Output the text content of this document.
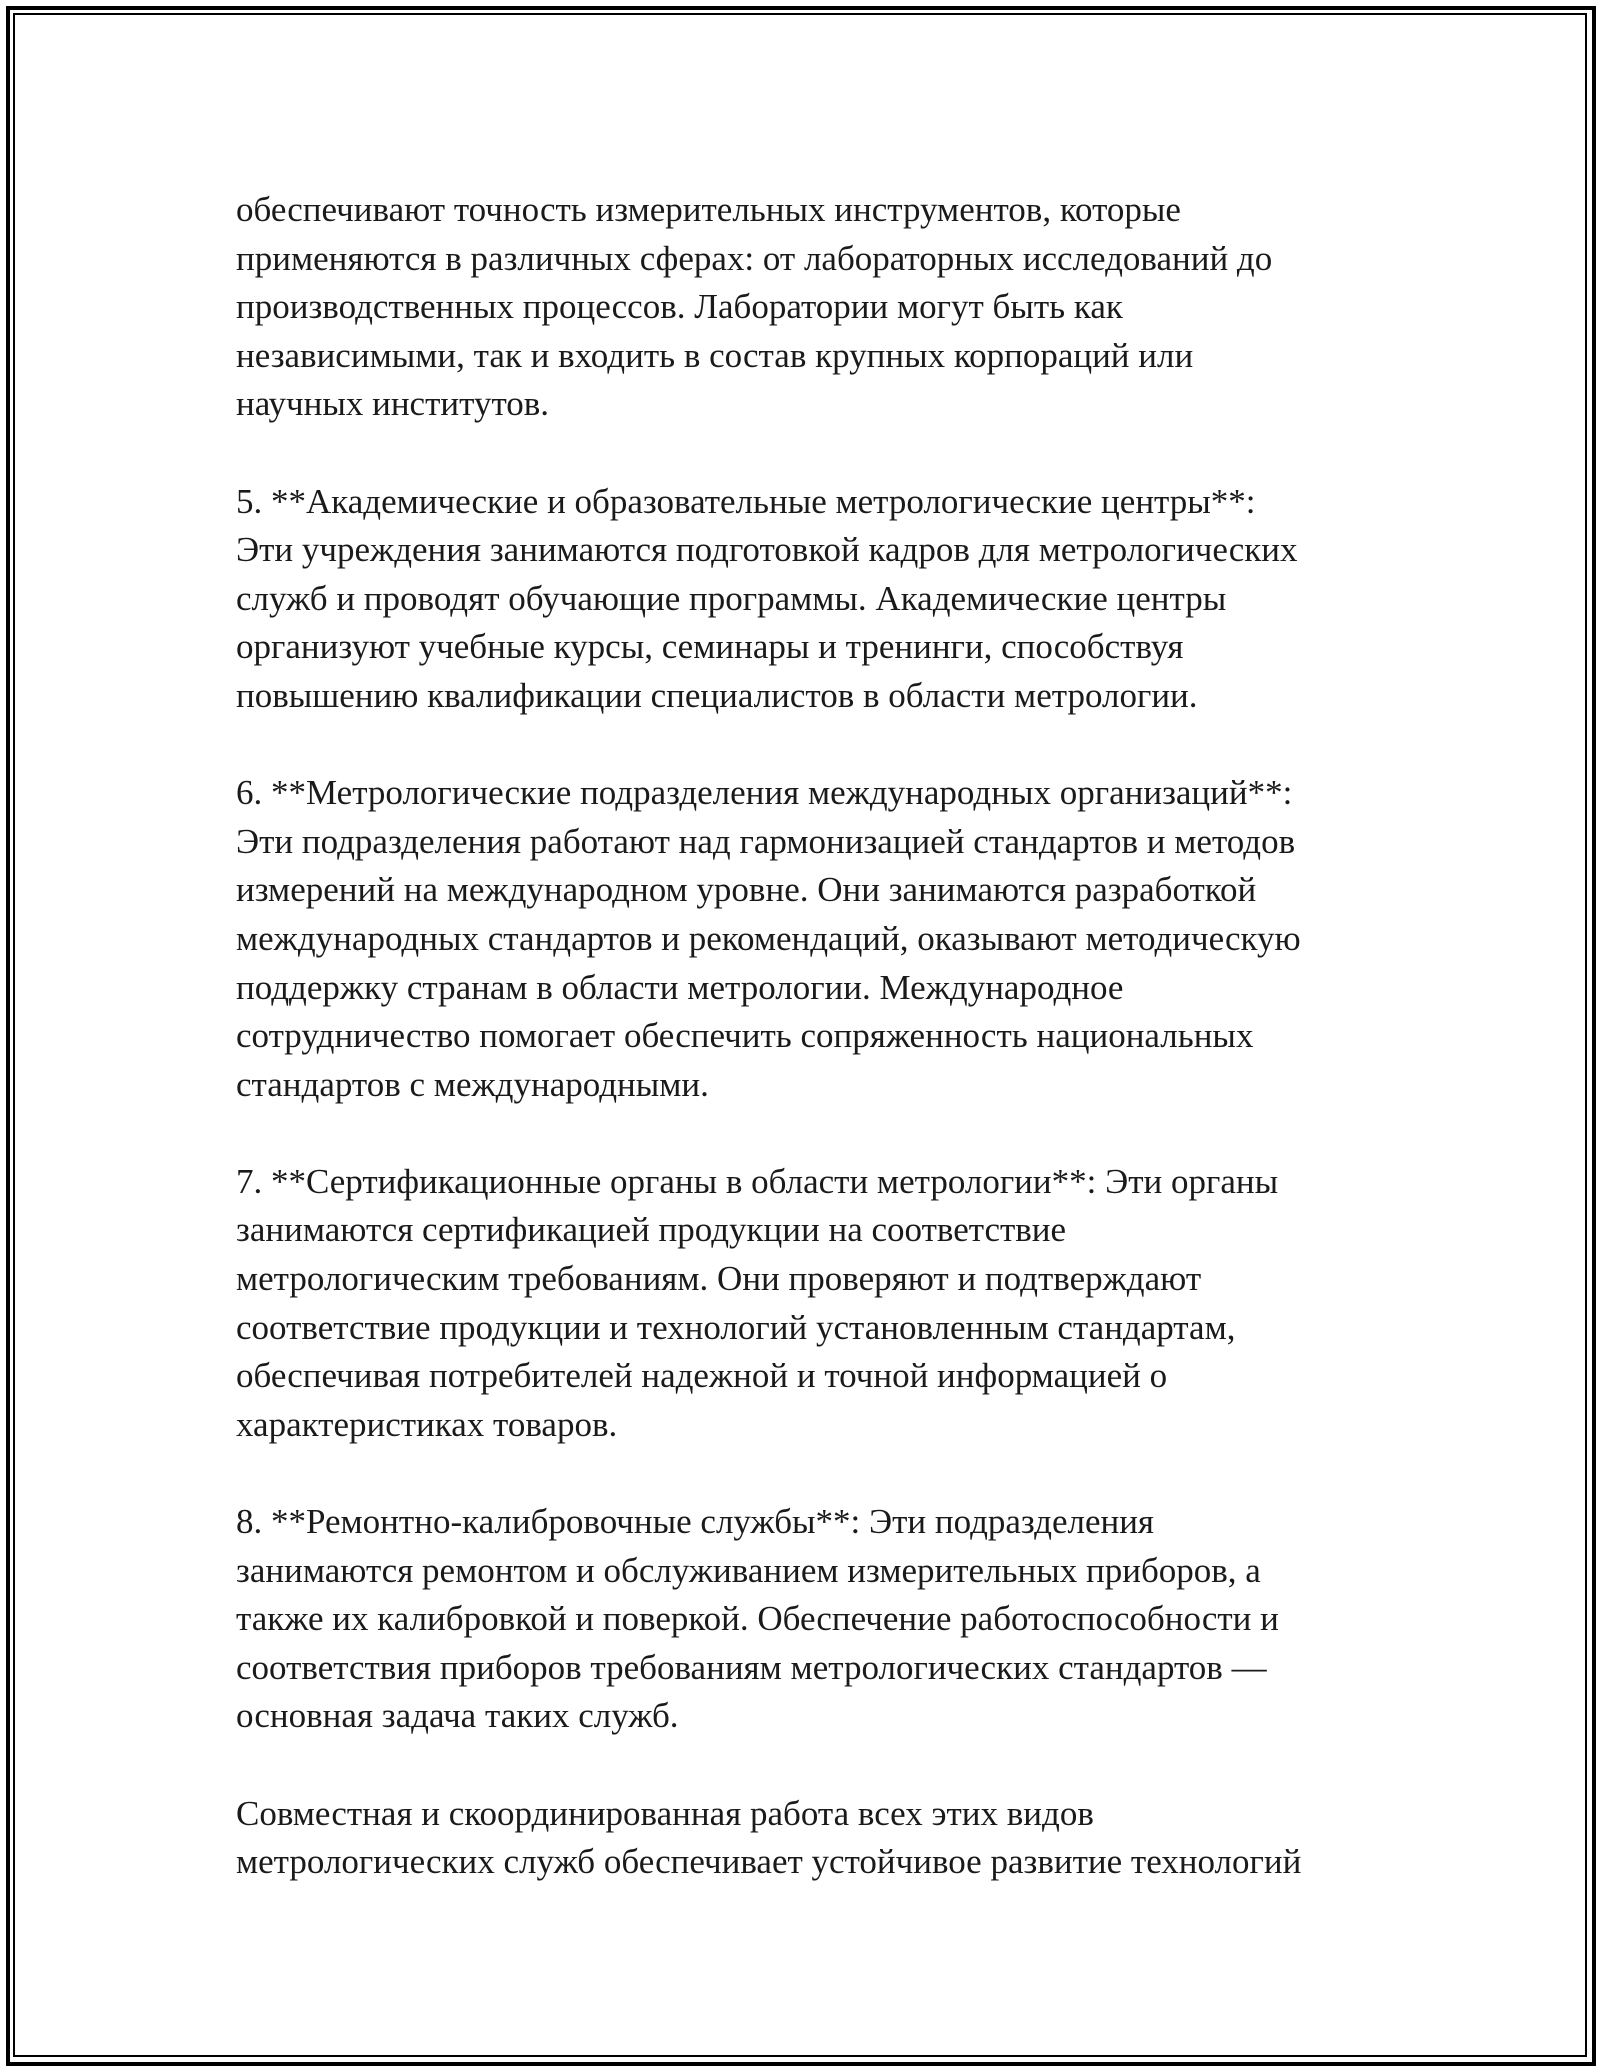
обеспечивают точность измерительных инструментов, которые
применяются в различных сферах: от лабораторных исследований до
производственных процессов. Лаборатории могут быть как
независимыми, так и входить в состав крупных корпораций или
научных институтов.

5. **Академические и образовательные метрологические центры**:
Эти учреждения занимаются подготовкой кадров для метрологических
служб и проводят обучающие программы. Академические центры
организуют учебные курсы, семинары и тренинги, способствуя
повышению квалификации специалистов в области метрологии.

6. **Метрологические подразделения международных организаций**:
Эти подразделения работают над гармонизацией стандартов и методов
измерений на международном уровне. Они занимаются разработкой
международных стандартов и рекомендаций, оказывают методическую
поддержку странам в области метрологии. Международное
сотрудничество помогает обеспечить сопряженность национальных
стандартов с международными.

7. **Сертификационные органы в области метрологии**: Эти органы
занимаются сертификацией продукции на соответствие
метрологическим требованиям. Они проверяют и подтверждают
соответствие продукции и технологий установленным стандартам,
обеспечивая потребителей надежной и точной информацией о
характеристиках товаров.

8. **Ремонтно-калибровочные службы**: Эти подразделения
занимаются ремонтом и обслуживанием измерительных приборов, а
также их калибровкой и поверкой. Обеспечение работоспособности и
соответствия приборов требованиям метрологических стандартов —
основная задача таких служб.

Совместная и скоординированная работа всех этих видов
метрологических служб обеспечивает устойчивое развитие технологий
